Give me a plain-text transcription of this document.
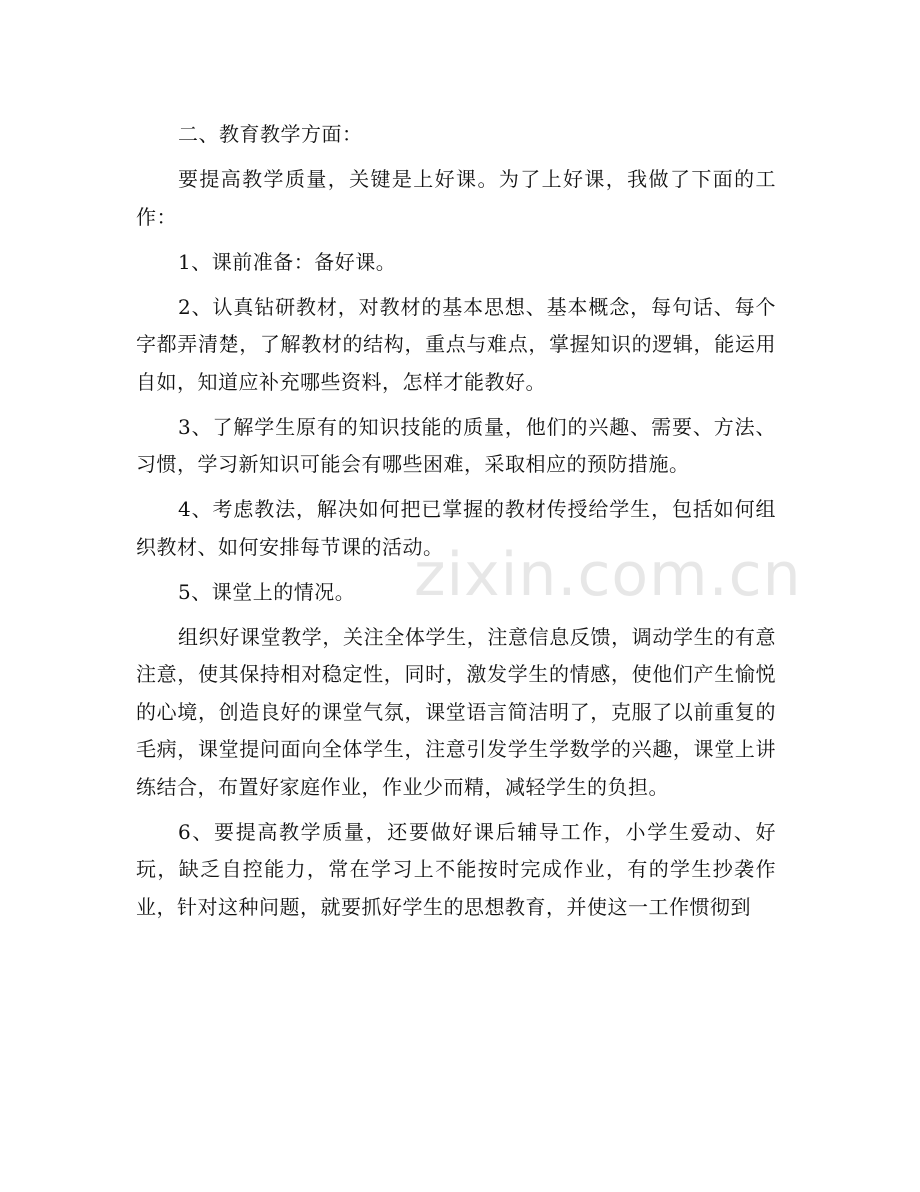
二、教育教学方面：

要提高教学质量，关键是上好课。为了上好课，我做了下面的工作：

1、课前准备：备好课。

2、认真钻研教材，对教材的基本思想、基本概念，每句话、每个字都弄清楚，了解教材的结构，重点与难点，掌握知识的逻辑，能运用自如，知道应补充哪些资料，怎样才能教好。

3、了解学生原有的知识技能的质量，他们的兴趣、需要、方法、习惯，学习新知识可能会有哪些困难，采取相应的预防措施。

4、考虑教法，解决如何把已掌握的教材传授给学生，包括如何组织教材、如何安排每节课的活动。

5、课堂上的情况。

组织好课堂教学，关注全体学生，注意信息反馈，调动学生的有意注意，使其保持相对稳定性，同时，激发学生的情感，使他们产生愉悦的心境，创造良好的课堂气氛，课堂语言简洁明了，克服了以前重复的毛病，课堂提问面向全体学生，注意引发学生学数学的兴趣，课堂上讲练结合，布置好家庭作业，作业少而精，减轻学生的负担。

6、要提高教学质量，还要做好课后辅导工作，小学生爱动、好玩，缺乏自控能力，常在学习上不能按时完成作业，有的学生抄袭作业，针对这种问题，就要抓好学生的思想教育，并使这一工作惯彻到

zixin.com.cn
